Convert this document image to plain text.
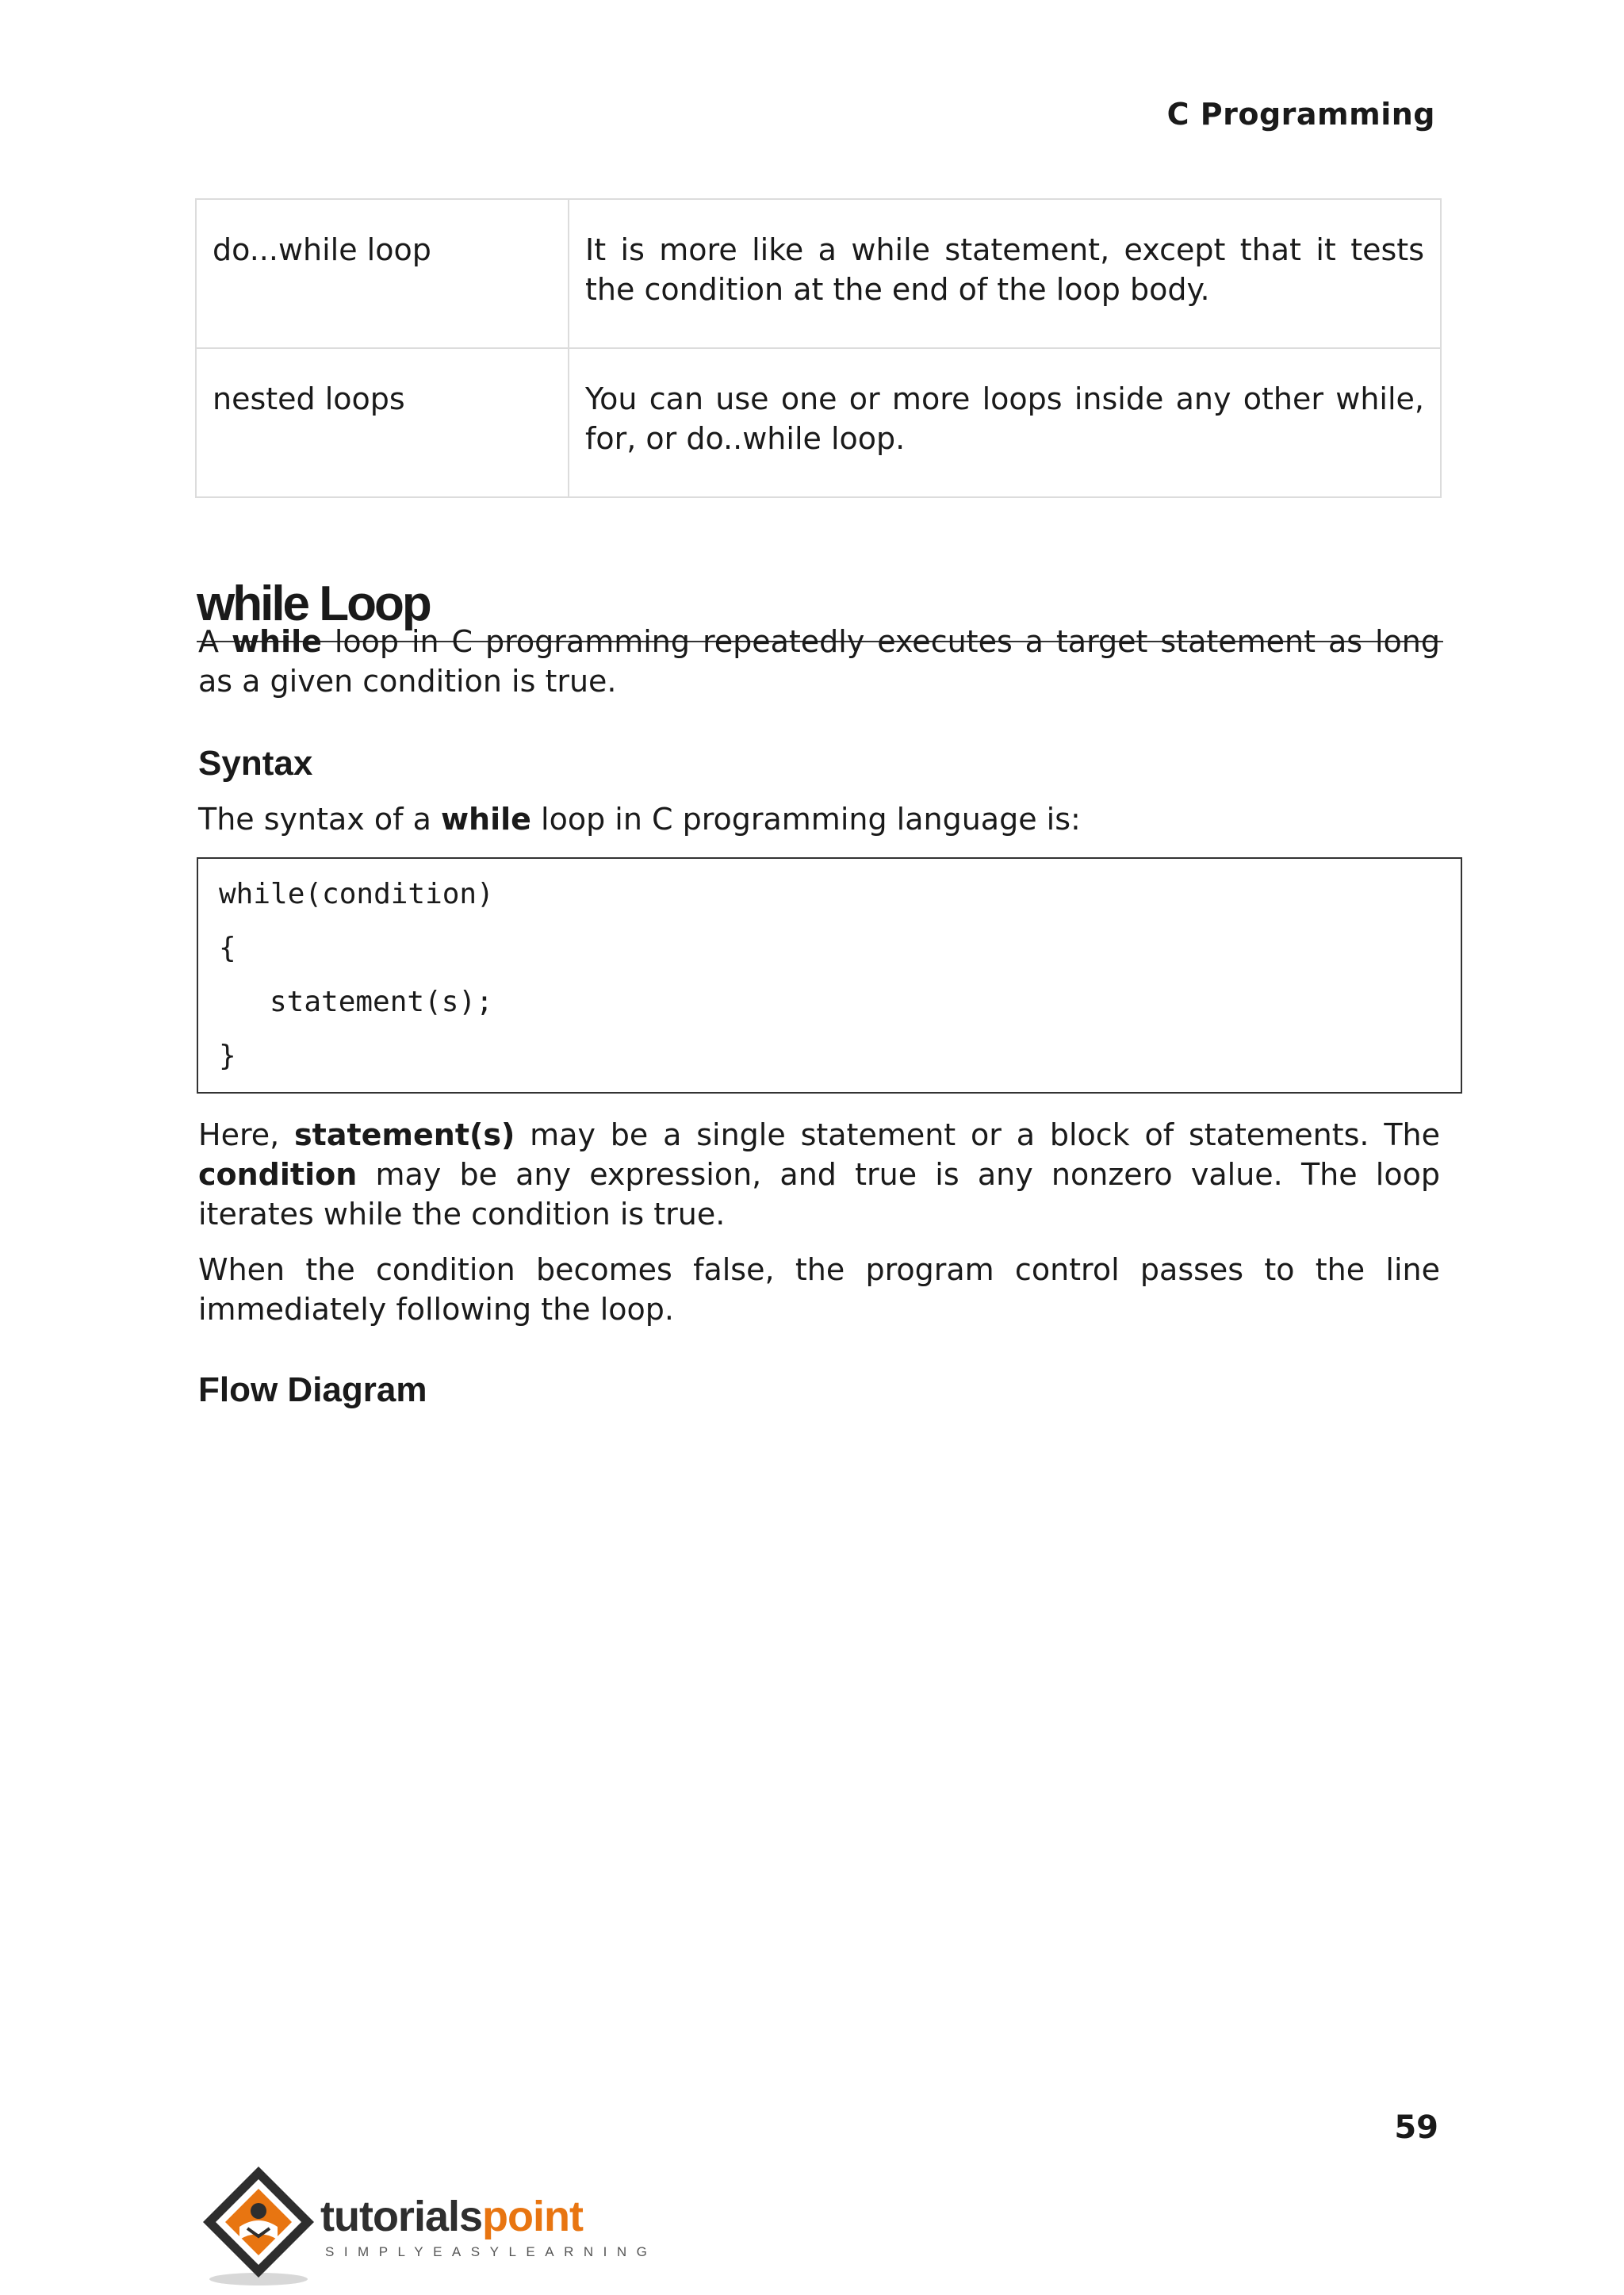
C Programming
do...while loop	It is more like a while statement, except that it tests the condition at the end of the loop body.
nested loops	You can use one or more loops inside any other while, for, or do..while loop.
while Loop

A while loop in C programming repeatedly executes a target statement as long as a given condition is true.

Syntax

The syntax of a while loop in C programming language is:

while(condition)
{
statement(s);
}

Here, statement(s) may be a single statement or a block of statements. The condition may be any expression, and true is any nonzero value. The loop iterates while the condition is true.

When the condition becomes false, the program control passes to the line immediately following the loop.

Flow Diagram
59
tutorialspoint
SIMPLYEASYLEARNING
